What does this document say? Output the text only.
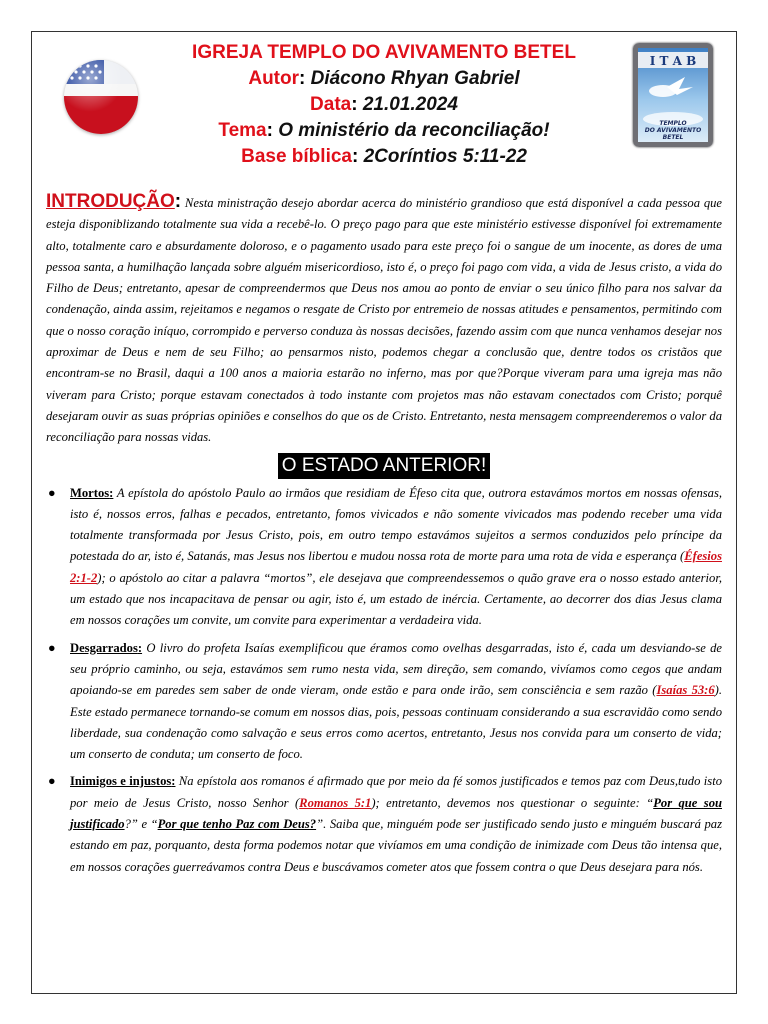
I T A B
TEMPLO
DO AVIVAMENTO
BETEL
IGREJA TEMPLO DO AVIVAMENTO BETEL
Autor: Diácono Rhyan Gabriel
Data: 21.01.2024
Tema: O ministério da reconciliação!
Base bíblica: 2Coríntios 5:11-22

INTRODUÇÃO: Nesta ministração desejo abordar acerca do ministério grandioso que está disponível a cada pessoa que esteja disponiblizando totalmente sua vida a recebê-lo. O preço pago para que este ministério estivesse disponível foi extremamente alto, totalmente caro e absurdamente doloroso, e o pagamento usado para este preço foi o sangue de um inocente, as dores de uma pessoa santa, a humilhação lançada sobre alguém misericordioso, isto é, o preço foi pago com vida, a vida de Jesus cristo, a vida do Filho de Deus; entretanto, apesar de compreendermos que Deus nos amou ao ponto de enviar o seu único filho para nos salvar da condenação, ainda assim, rejeitamos e negamos o resgate de Cristo por entremeio de nossas atitudes e pensamentos, permitindo com que o nosso coração iníquo, corrompido e perverso conduza às nossas decisões, fazendo assim com que nunca venhamos desejar nos aproximar de Deus e nem de seu Filho; ao pensarmos nisto, podemos chegar a conclusão que, dentre todos os cristãos que encontram-se no Brasil, daqui a 100 anos a maioria estarão no inferno, mas por que?Porque viveram para uma igreja mas não viveram para Cristo; porque estavam conectados à todo instante com projetos mas não estavam conectados com Cristo; porquê desejaram ouvir as suas próprias opiniões e conselhos do que os de Cristo. Entretanto, nesta mensagem compreenderemos o valor da reconciliação para nossas vidas.

O ESTADO ANTERIOR!
● Mortos: A epístola do apóstolo Paulo ao irmãos que residiam de Éfeso cita que, outrora estavámos mortos em nossas ofensas, isto é, nossos erros, falhas e pecados, entretanto, fomos vivicados e não somente vivicados mas podendo receber uma vida totalmente transformada por Jesus Cristo, pois, em outro tempo estavámos sujeitos a sermos conduzidos pelo príncipe da potestada do ar, isto é, Satanás, mas Jesus nos libertou e mudou nossa rota de morte para uma rota de vida e esperança (Éfesios 2:1-2); o apóstolo ao citar a palavra “mortos”, ele desejava que compreendessemos o quão grave era o nosso estado anterior, um estado que nos incapacitava de pensar ou agir, isto é, um estado de inércia. Certamente, ao decorrer dos dias Jesus clama em nossos corações um convite, um convite para experimentar a verdadeira vida.
● Desgarrados: O livro do profeta Isaías exemplificou que éramos como ovelhas desgarradas, isto é, cada um desviando-se de seu próprio caminho, ou seja, estavámos sem rumo nesta vida, sem direção, sem comando, vivíamos como cegos que andam apoiando-se em paredes sem saber de onde vieram, onde estão e para onde irão, sem consciência e sem razão (Isaías 53:6). Este estado permanece tornando-se comum em nossos dias, pois, pessoas continuam considerando a sua escravidão como sendo liberdade, sua condenação como salvação e seus erros como acertos, entretanto, Jesus nos convida para um conserto de vida; um conserto de conduta; um conserto de foco.
● Inimigos e injustos: Na epístola aos romanos é afirmado que por meio da fé somos justificados e temos paz com Deus,tudo isto por meio de Jesus Cristo, nosso Senhor (Romanos 5:1); entretanto, devemos nos questionar o seguinte: “Por que sou justificado?” e “Por que tenho Paz com Deus?”. Saiba que, minguém pode ser justificado sendo justo e minguém buscará paz estando em paz, porquanto, desta forma podemos notar que vivíamos em uma condição de inimizade com Deus tão intensa que, em nossos corações guerreávamos contra Deus e buscávamos cometer atos que fossem contra o que Deus desejara para nós.
